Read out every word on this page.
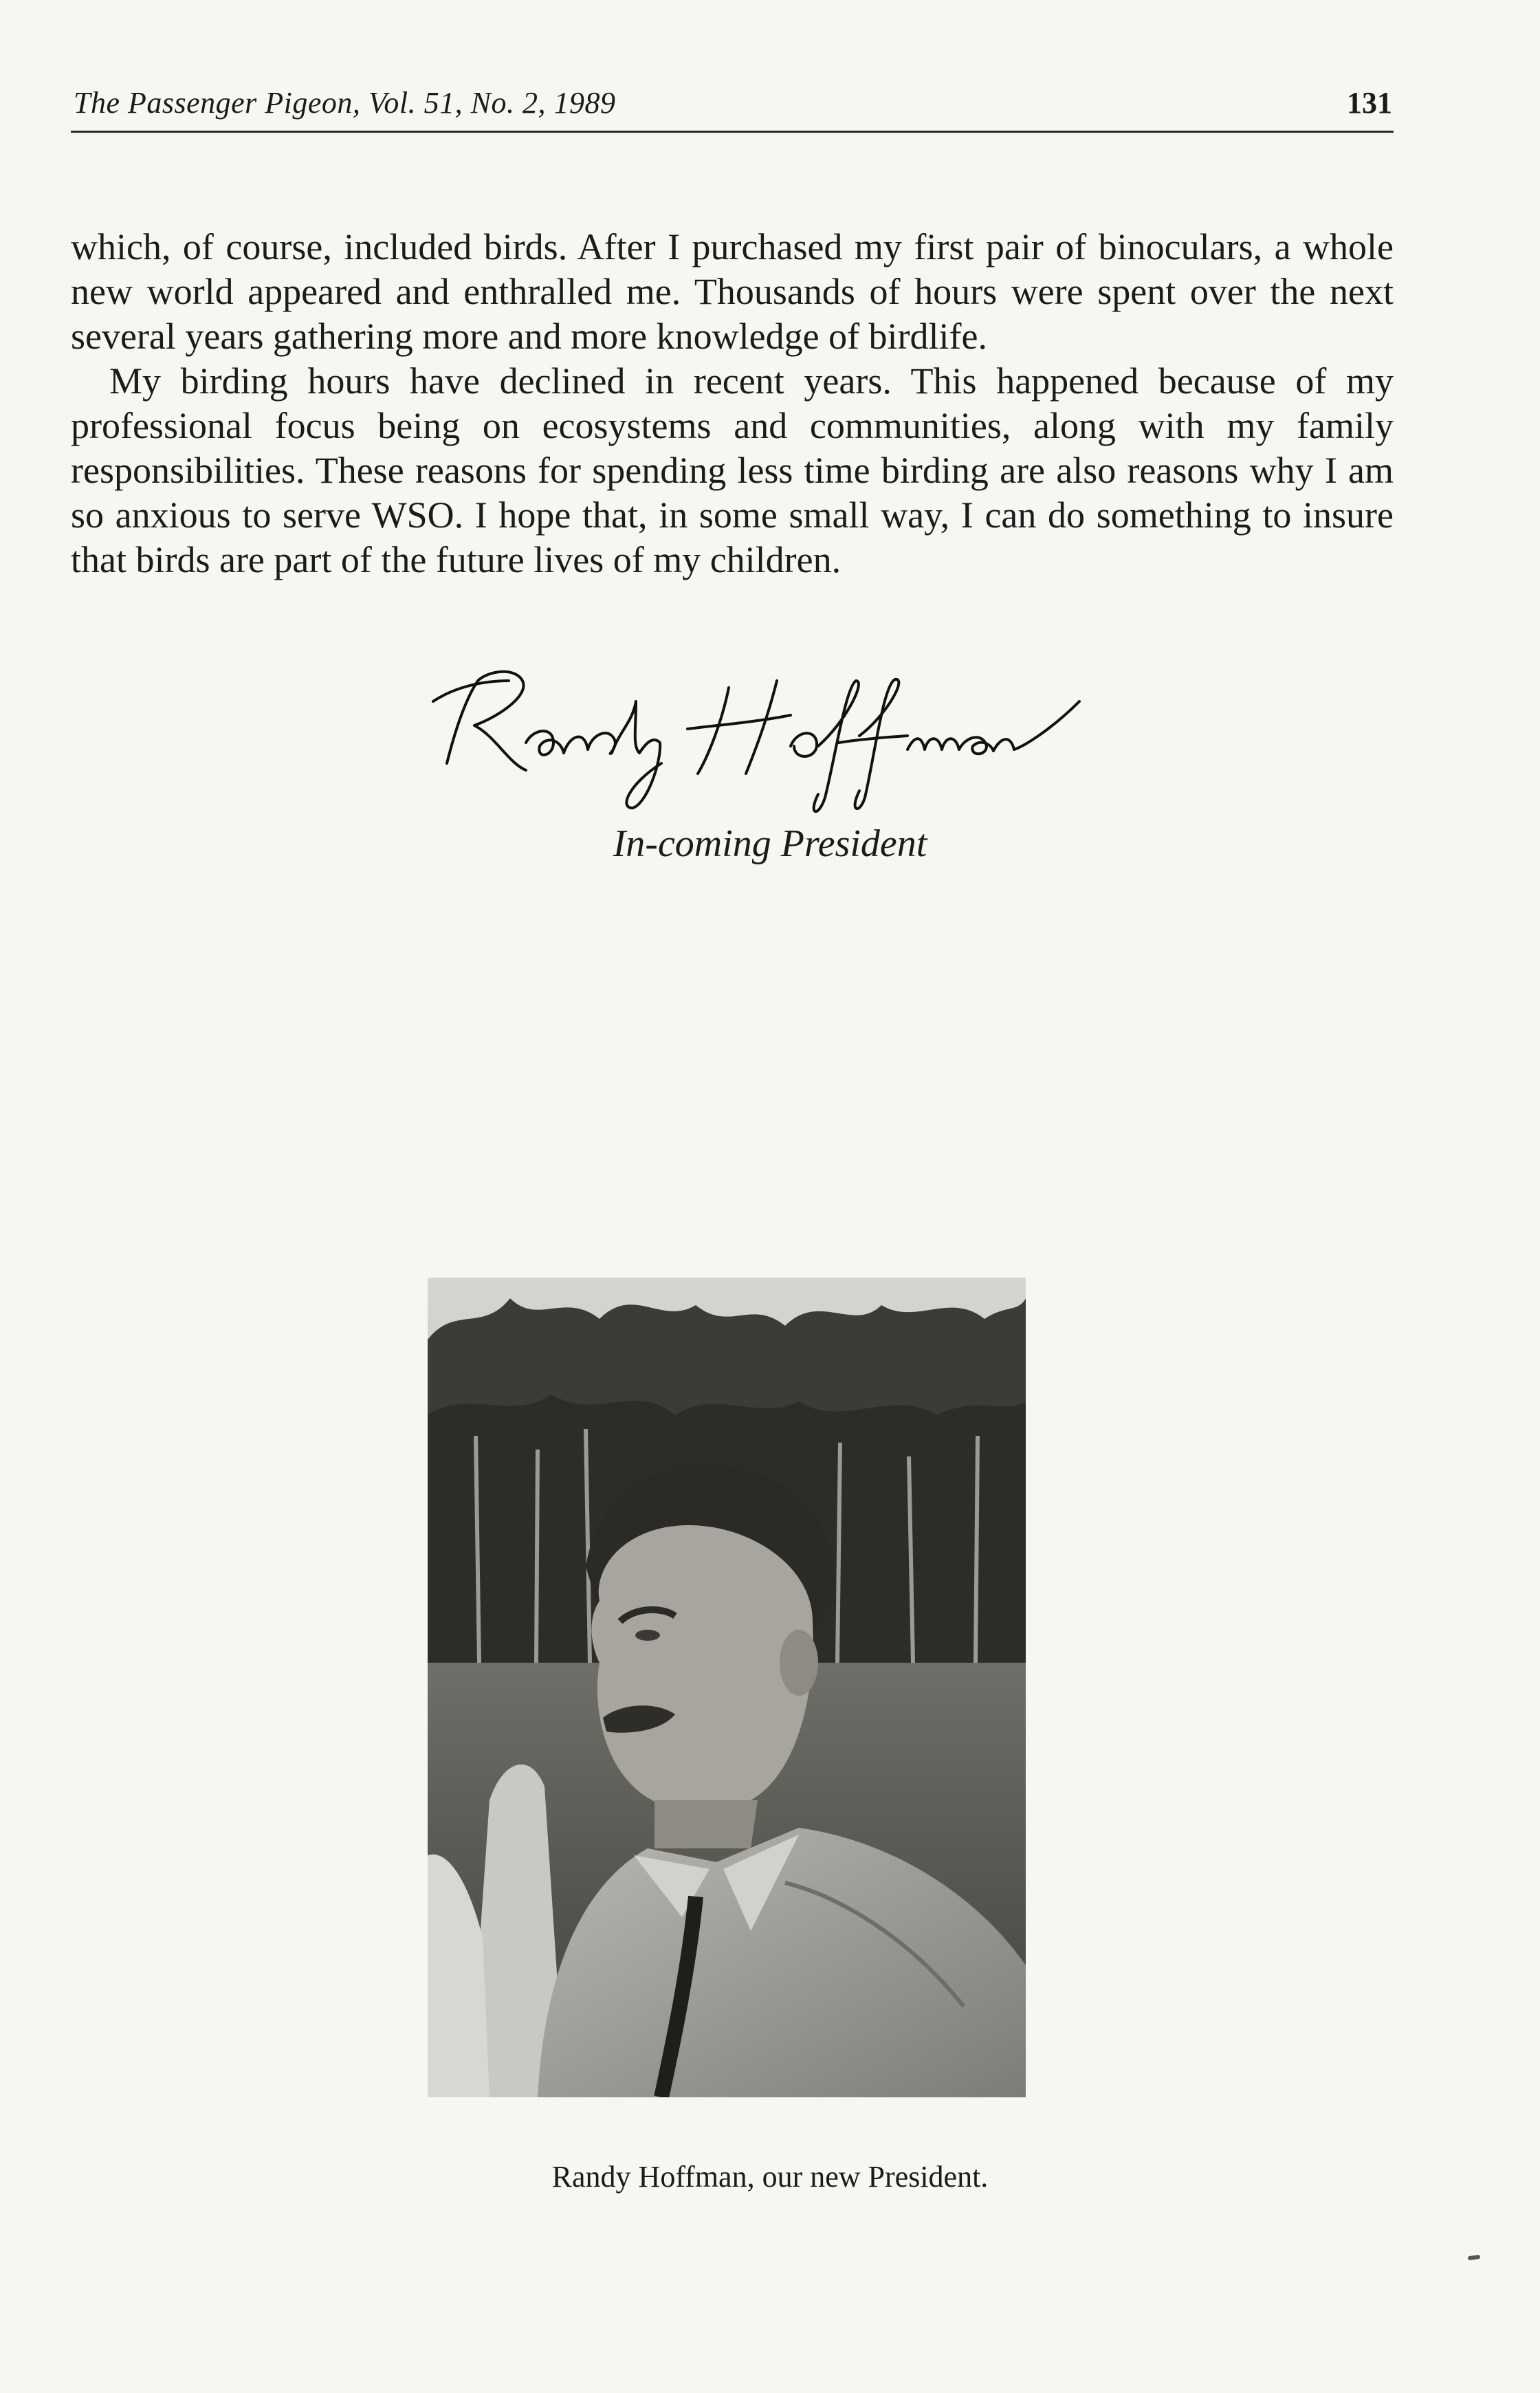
The Passenger Pigeon, Vol. 51, No. 2, 1989	131

which, of course, included birds. After I purchased my first pair of binoculars, a whole new world appeared and enthralled me. Thousands of hours were spent over the next several years gathering more and more knowledge of birdlife.

My birding hours have declined in recent years. This happened because of my professional focus being on ecosystems and communities, along with my family responsibilities. These reasons for spending less time birding are also reasons why I am so anxious to serve WSO. I hope that, in some small way, I can do something to insure that birds are part of the future lives of my children.

In-coming President
Randy Hoffman, our new President.
